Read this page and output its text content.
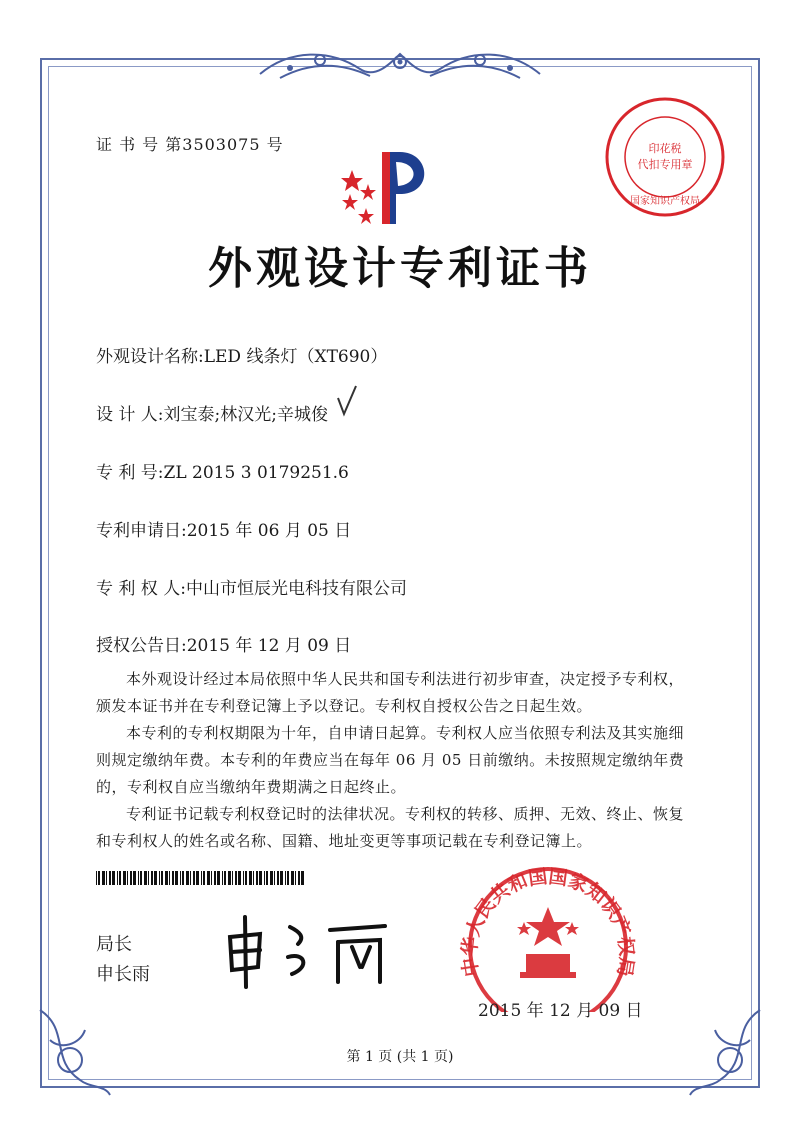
证 书 号 第3503075 号	印花税
代扣专用章
国家知识产权局
外观设计专利证书
外观设计名称:LED 线条灯（XT690）
设 计 人:刘宝泰;林汉光;辛城俊
专 利 号:ZL 2015 3 0179251.6
专利申请日:2015 年 06 月 05 日
专 利 权 人:中山市恒辰光电科技有限公司
授权公告日:2015 年 12 月 09 日

本外观设计经过本局依照中华人民共和国专利法进行初步审查，决定授予专利权，颁发本证书并在专利登记簿上予以登记。专利权自授权公告之日起生效。

本专利的专利权期限为十年，自申请日起算。专利权人应当依照专利法及其实施细则规定缴纳年费。本专利的年费应当在每年 06 月 05 日前缴纳。未按照规定缴纳年费的，专利权自应当缴纳年费期满之日起终止。

专利证书记载专利权登记时的法律状况。专利权的转移、质押、无效、终止、恢复和专利权人的姓名或名称、国籍、地址变更等事项记载在专利登记簿上。

局长
申长雨	中华人民共和国国家知识产权局
2015 年 12 月 09 日
第 1 页 (共 1 页)
